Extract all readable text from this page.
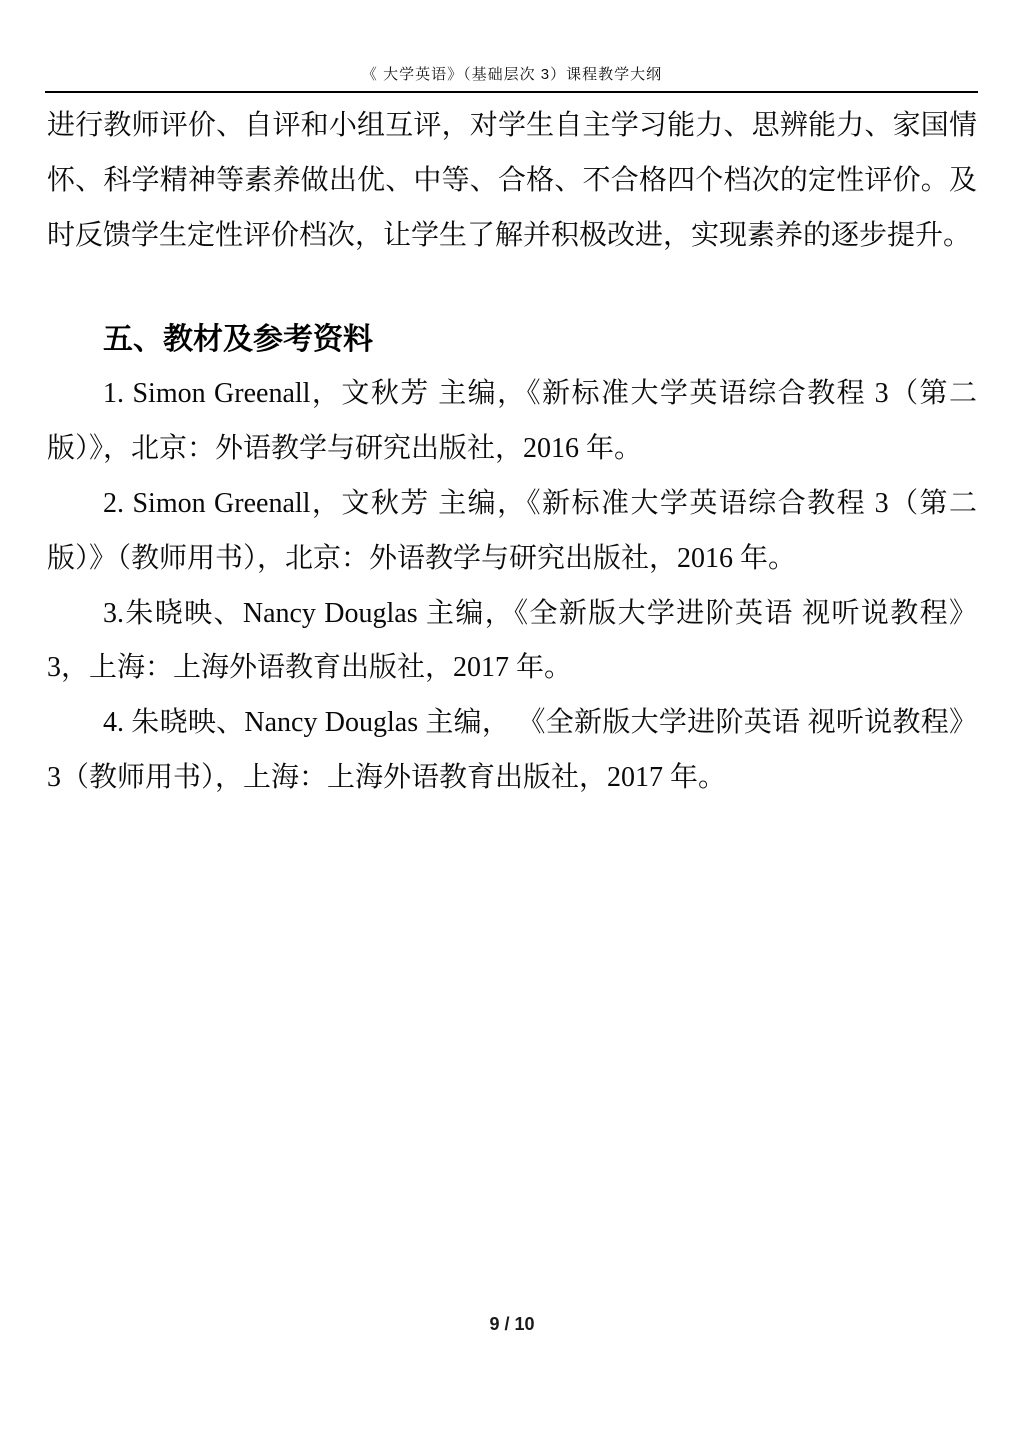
《 大学英语》（基础层次 3）课程教学大纲

进行教师评价、自评和小组互评，对学生自主学习能力、思辨能力、家国情怀、科学精神等素养做出优、中等、合格、不合格四个档次的定性评价。及时反馈学生定性评价档次，让学生了解并积极改进，实现素养的逐步提升。

五、教材及参考资料

1. Simon Greenall，文秋芳 主编，《新标准大学英语综合教程 3（第二版）》，北京：外语教学与研究出版社，2016 年。

2. Simon Greenall，文秋芳 主编，《新标准大学英语综合教程 3（第二版）》（教师用书），北京：外语教学与研究出版社，2016 年。

3.朱晓映、Nancy Douglas 主编，《全新版大学进阶英语 视听说教程》3，上海：上海外语教育出版社，2017 年。

4. 朱晓映、Nancy Douglas 主编， 《全新版大学进阶英语 视听说教程》3（教师用书），上海：上海外语教育出版社，2017 年。

9 / 10
